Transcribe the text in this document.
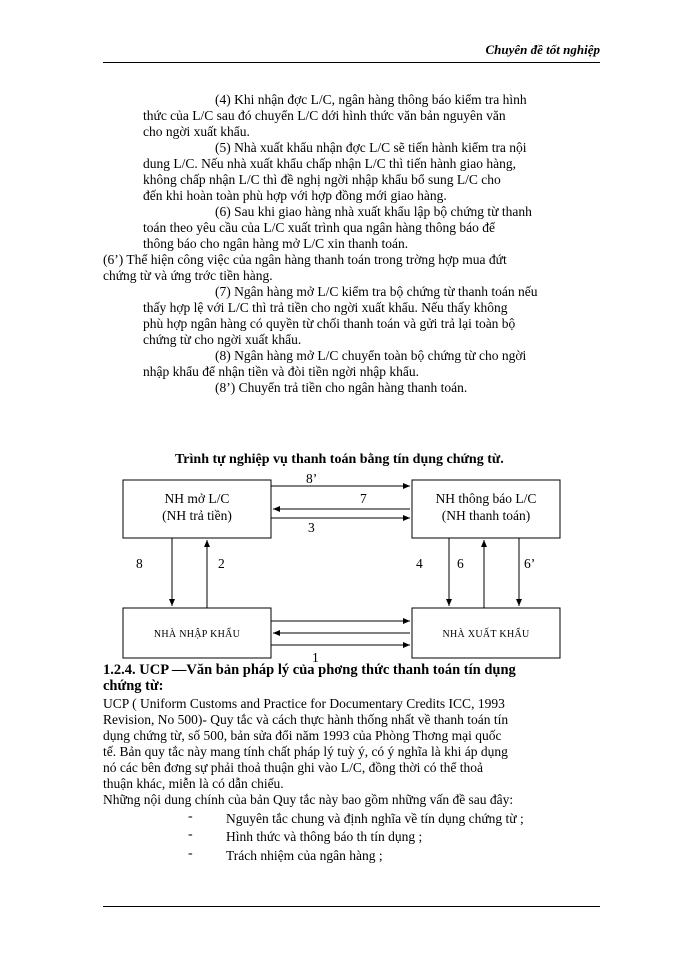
Chuyên đề tốt nghiệp
(4) Khi nhận đợc L/C, ngân hàng thông báo kiểm tra hình
thức của L/C sau đó chuyển L/C dới hình thức văn bản nguyên văn
cho ngời xuất khẩu.
(5) Nhà xuất khẩu nhận đợc L/C sẽ tiến hành kiểm tra nội
dung L/C. Nếu nhà xuất khẩu chấp nhận L/C thì tiến hành giao hàng,
không chấp nhận L/C thì đề nghị ngời nhập khẩu bổ sung L/C cho
đến khi hoàn toàn phù hợp với hợp đồng mới giao hàng.
(6) Sau khi giao hàng nhà xuất khẩu lập bộ chứng từ thanh
toán theo yêu cầu của L/C xuất trình qua ngân hàng thông báo để
thông báo cho ngân hàng mở L/C xin thanh toán.
(6’) Thể hiện công việc của ngân hàng thanh toán trong trờng hợp mua đứt
chứng từ và ứng trớc tiền hàng.
(7) Ngân hàng mở L/C kiểm tra bộ chứng từ thanh toán nếu
thấy hợp lệ với L/C thì trả tiền cho ngời xuất khẩu. Nếu thấy không
phù hợp ngân hàng có quyền từ chối thanh toán và gửi trả lại toàn bộ
chứng từ cho ngời xuất khẩu.
(8) Ngân hàng mở L/C chuyển toàn bộ chứng từ cho ngời
nhập khẩu để nhận tiền và đòi tiền ngời nhập khẩu.
(8’) Chuyển trả tiền cho ngân hàng thanh toán.
Trình tự nghiệp vụ thanh toán bằng tín dụng chứng từ.
NH mở L/C
(NH trả tiền)
NH thông báo L/C
(NH thanh toán)
NHÀ NHẬP KHẨU	NHÀ XUẤT KHẨU
8’
7
3
8	2	4	6	6’
1
1.2.4. UCP —Văn bản pháp lý của phơng thức thanh toán tín dụng
chứng từ:
UCP ( Uniform Customs and Practice for Documentary Credits ICC, 1993
Revision, No 500)- Quy tắc và cách thực hành thống nhất về thanh toán tín
dụng chứng từ, số 500, bản sửa đổi năm 1993 của Phòng Thơng mại quốc
tế. Bản quy tắc này mang tính chất pháp lý tuỳ ý, có ý nghĩa là khi áp dụng
nó các bên đơng sự phải thoả thuận ghi vào L/C, đồng thời có thể thoả
thuận khác, miễn là có dẫn chiếu.
Những nội dung chính của bản Quy tắc này bao gồm những vấn đề sau đây:
- Nguyên tắc chung và định nghĩa về tín dụng chứng từ ;
- Hình thức và thông báo th tín dụng ;
- Trách nhiệm của ngân hàng ;
